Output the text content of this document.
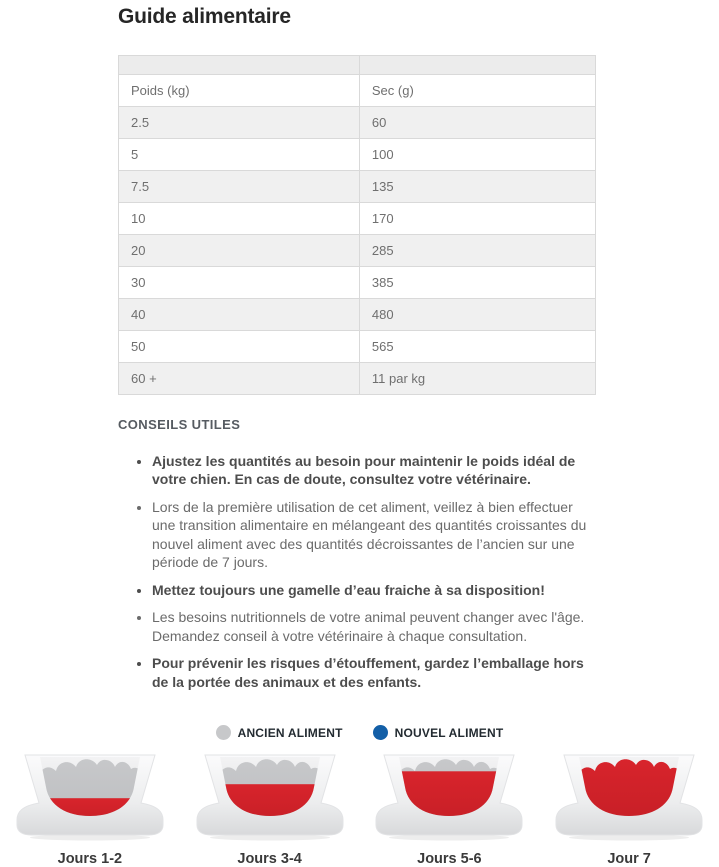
Guide alimentaire

Poids (kg)	Sec (g)
2.5	60
5	100
7.5	135
10	170
20	285
30	385
40	480
50	565
60 +	11 par kg
CONSEILS UTILES
• Ajustez les quantités au besoin pour maintenir le poids idéal de votre chien. En cas de doute, consultez votre vétérinaire.
• Lors de la première utilisation de cet aliment, veillez à bien effectuer une transition alimentaire en mélangeant des quantités croissantes du nouvel aliment avec des quantités décroissantes de l’ancien sur une période de 7 jours.
• Mettez toujours une gamelle d’eau fraiche à sa disposition!
• Les besoins nutritionnels de votre animal peuvent changer avec l'âge. Demandez conseil à votre vétérinaire à chaque consultation.
• Pour prévenir les risques d’étouffement, gardez l’emballage hors de la portée des animaux et des enfants.
ANCIEN ALIMENT	NOUVEL ALIMENT
Jours 1-2	Jours 3-4	Jours 5-6	Jour 7
